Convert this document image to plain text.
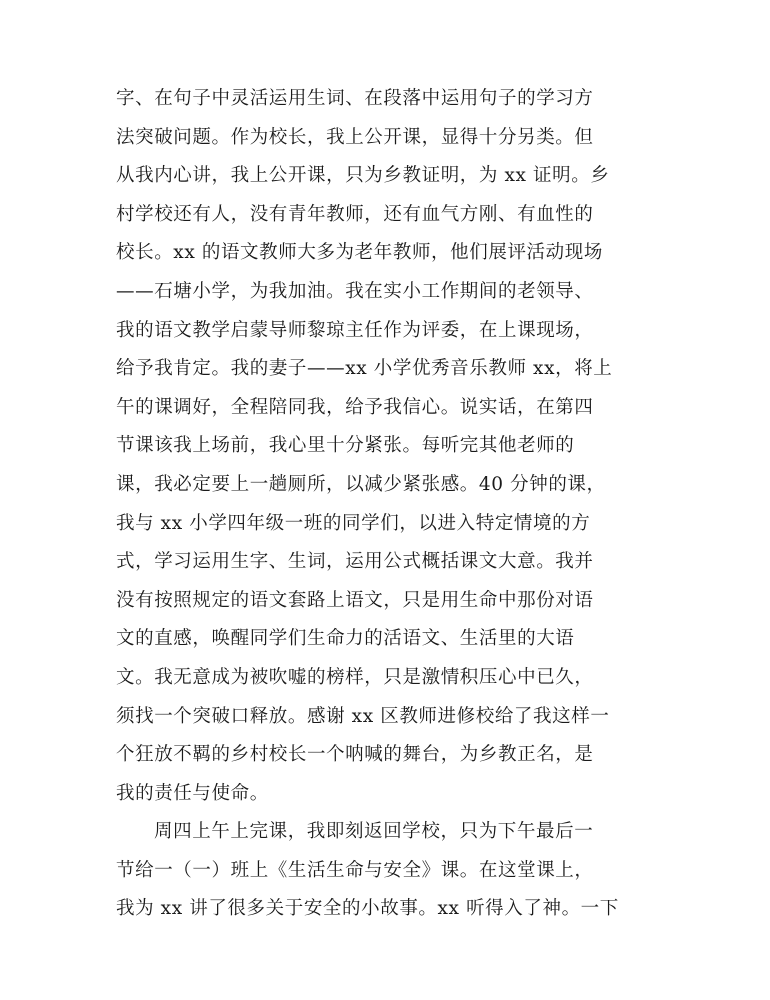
字、在句子中灵活运用生词、在段落中运用句子的学习方
法突破问题。作为校长，我上公开课，显得十分另类。但
从我内心讲，我上公开课，只为乡教证明，为 xx 证明。乡
村学校还有人，没有青年教师，还有血气方刚、有血性的
校长。xx 的语文教师大多为老年教师，他们展评活动现场
——石塘小学，为我加油。我在实小工作期间的老领导、
我的语文教学启蒙导师黎琼主任作为评委，在上课现场，
给予我肯定。我的妻子——xx 小学优秀音乐教师 xx，将上
午的课调好，全程陪同我，给予我信心。说实话，在第四
节课该我上场前，我心里十分紧张。每听完其他老师的
课，我必定要上一趟厕所，以减少紧张感。40 分钟的课，
我与 xx 小学四年级一班的同学们，以进入特定情境的方
式，学习运用生字、生词，运用公式概括课文大意。我并
没有按照规定的语文套路上语文，只是用生命中那份对语
文的直感，唤醒同学们生命力的活语文、生活里的大语
文。我无意成为被吹嘘的榜样，只是激情积压心中已久，
须找一个突破口释放。感谢 xx 区教师进修校给了我这样一
个狂放不羁的乡村校长一个呐喊的舞台，为乡教正名，是
我的责任与使命。
周四上午上完课，我即刻返回学校，只为下午最后一
节给一（一）班上《生活生命与安全》课。在这堂课上，
我为 xx 讲了很多关于安全的小故事。xx 听得入了神。一下
